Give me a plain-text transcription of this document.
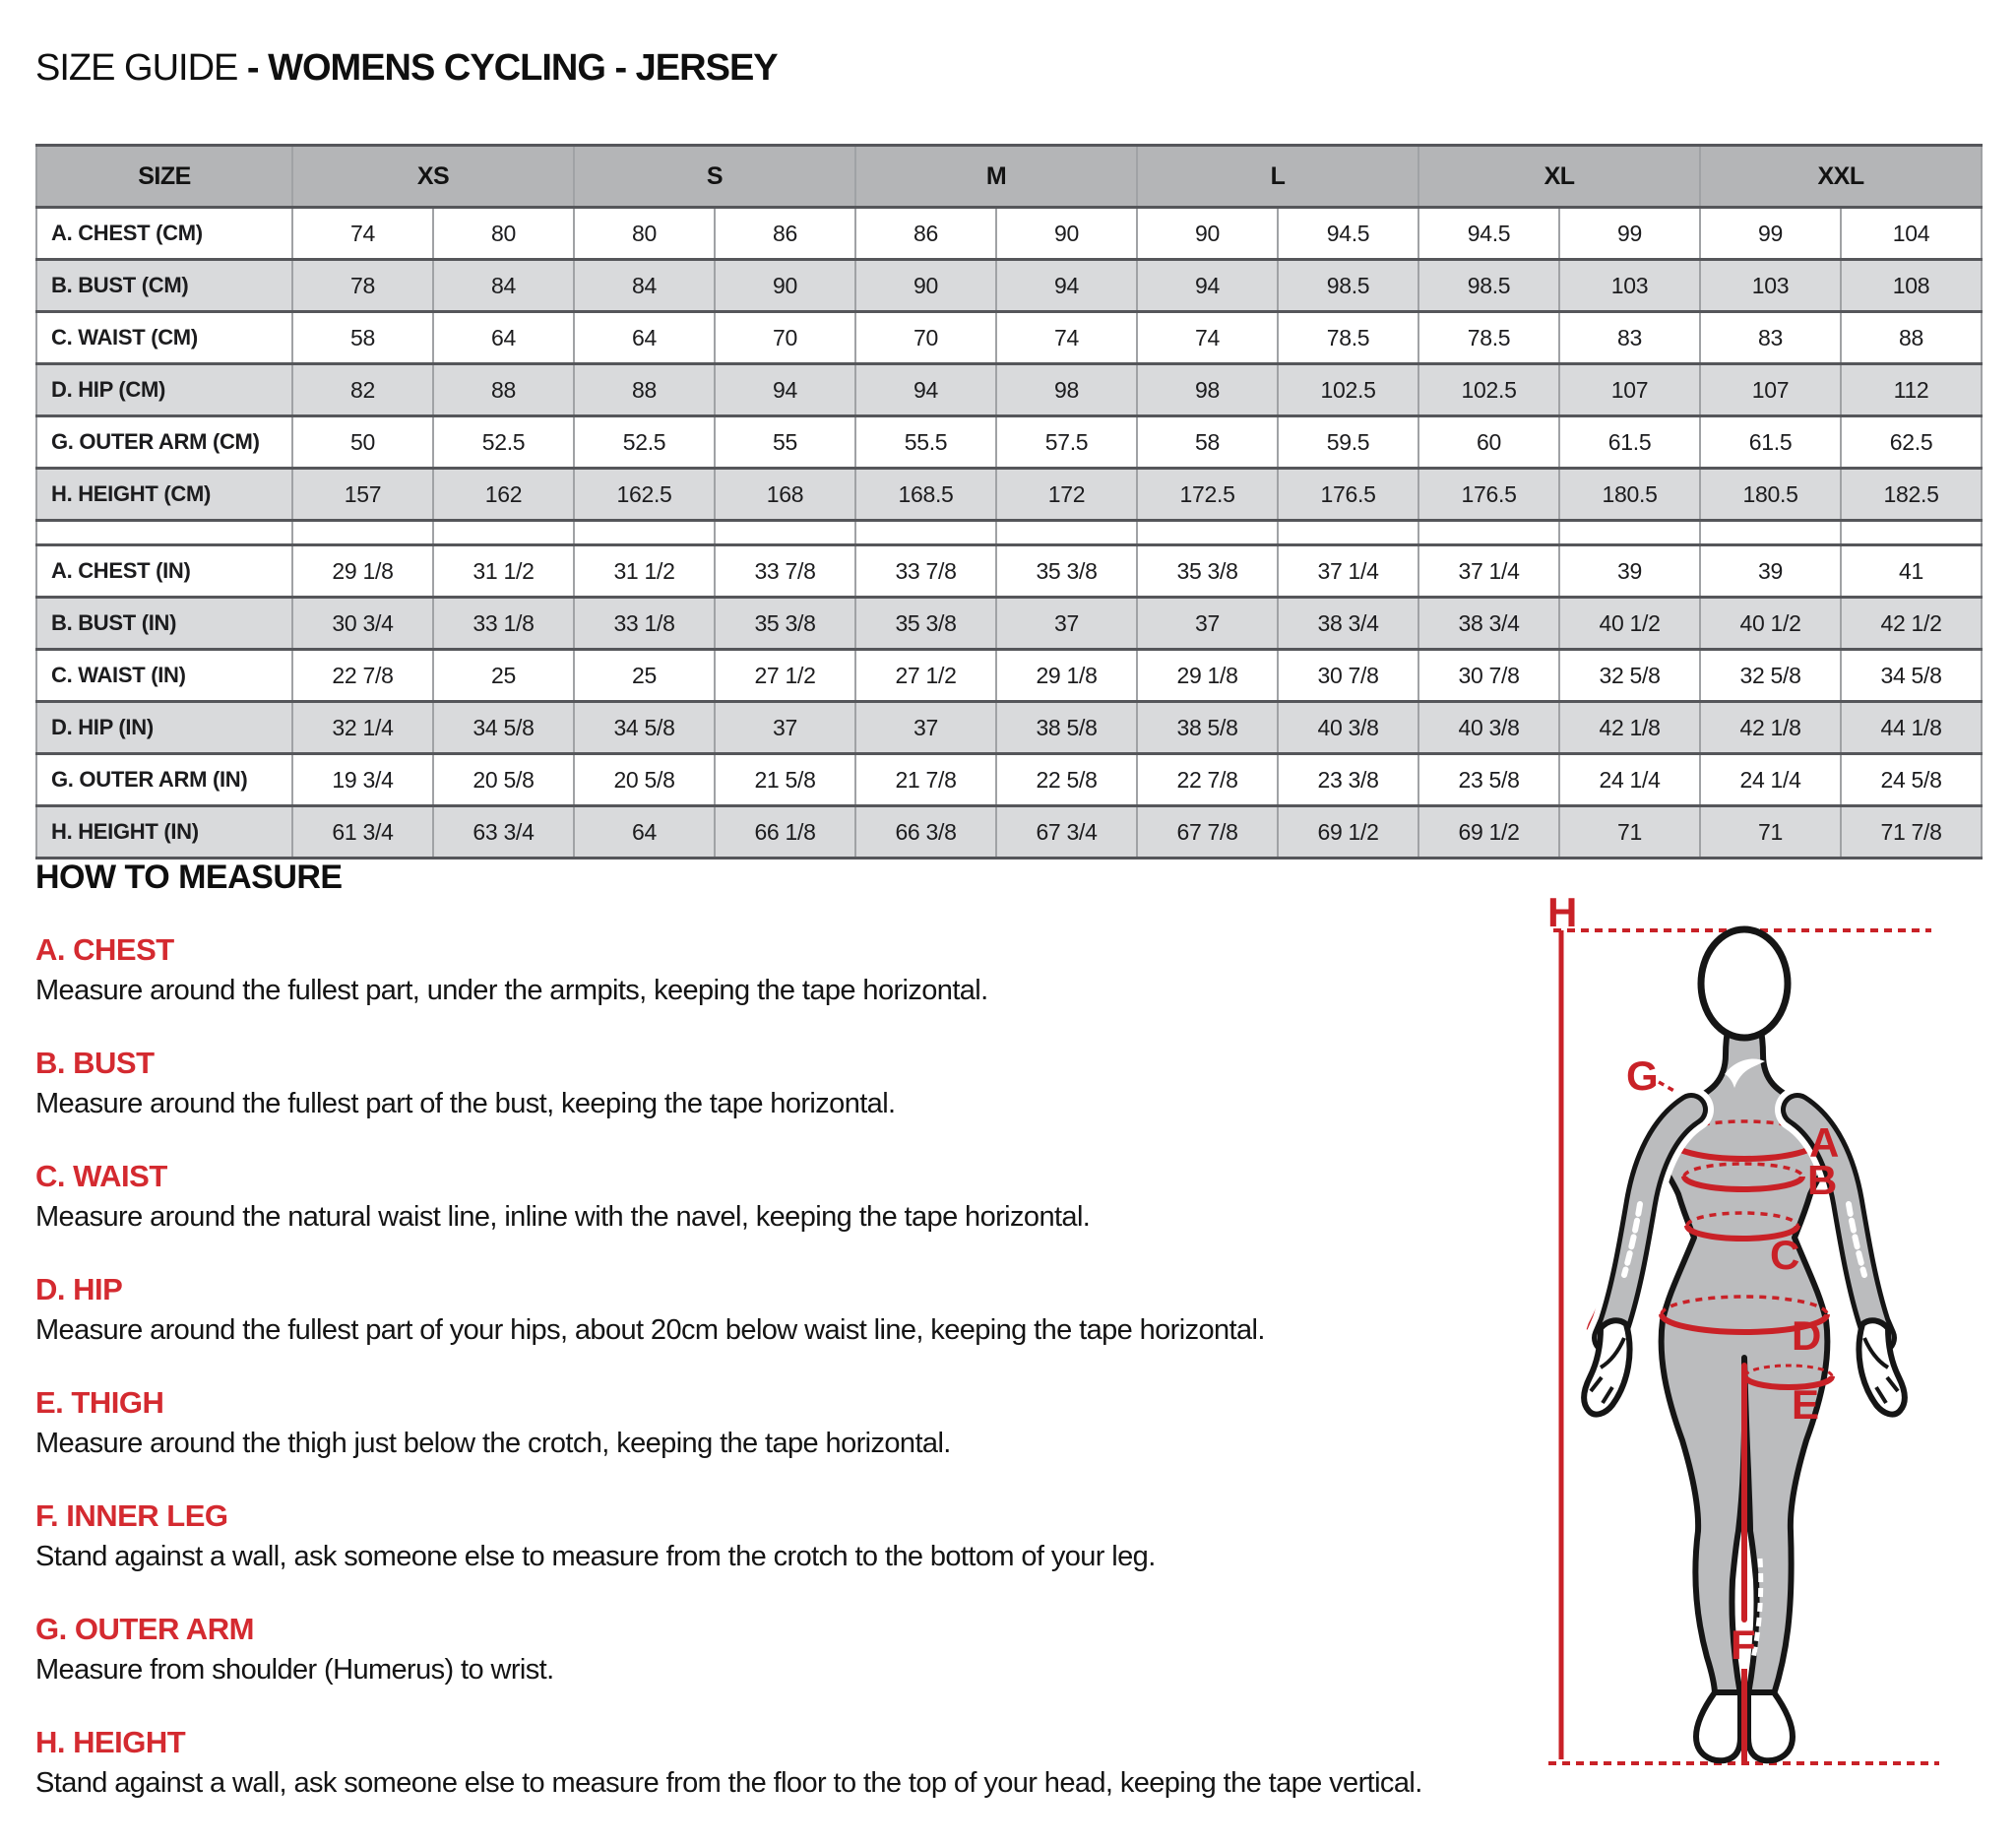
SIZE GUIDE - WOMENS CYCLING - JERSEY
SIZE	XS		S		M		L		XL		XXL	
A. CHEST (CM)	74	80	80	86	86	90	90	94.5	94.5	99	99	104
B. BUST (CM)	78	84	84	90	90	94	94	98.5	98.5	103	103	108
C. WAIST (CM)	58	64	64	70	70	74	74	78.5	78.5	83	83	88
D. HIP (CM)	82	88	88	94	94	98	98	102.5	102.5	107	107	112
G. OUTER ARM (CM)	50	52.5	52.5	55	55.5	57.5	58	59.5	60	61.5	61.5	62.5
H. HEIGHT (CM)	157	162	162.5	168	168.5	172	172.5	176.5	176.5	180.5	180.5	182.5

A. CHEST (IN)	29 1/8	31 1/2	31 1/2	33 7/8	33 7/8	35 3/8	35 3/8	37 1/4	37 1/4	39	39	41
B. BUST (IN)	30 3/4	33 1/8	33 1/8	35 3/8	35 3/8	37	37	38 3/4	38 3/4	40 1/2	40 1/2	42 1/2
C. WAIST (IN)	22 7/8	25	25	27 1/2	27 1/2	29 1/8	29 1/8	30 7/8	30 7/8	32 5/8	32 5/8	34 5/8
D. HIP (IN)	32 1/4	34 5/8	34 5/8	37	37	38 5/8	38 5/8	40 3/8	40 3/8	42 1/8	42 1/8	44 1/8
G. OUTER ARM (IN)	19 3/4	20 5/8	20 5/8	21 5/8	21 7/8	22 5/8	22 7/8	23 3/8	23 5/8	24 1/4	24 1/4	24 5/8
H. HEIGHT (IN)	61 3/4	63 3/4	64	66 1/8	66 3/8	67 3/4	67 7/8	69 1/2	69 1/2	71	71	71 7/8
HOW TO MEASURE
A. CHEST

Measure around the fullest part, under the armpits, keeping the tape horizontal.

B. BUST

Measure around the fullest part of the bust, keeping the tape horizontal.

C. WAIST

Measure around the natural waist line, inline with the navel, keeping the tape horizontal.

D. HIP

Measure around the fullest part of your hips, about 20cm below waist line, keeping the tape horizontal.

E. THIGH

Measure around the thigh just below the crotch, keeping the tape horizontal.

F. INNER LEG

Stand against a wall, ask someone else to measure from the crotch to the bottom of your leg.

G. OUTER ARM

Measure from shoulder (Humerus) to wrist.

H. HEIGHT

Stand against a wall, ask someone else to measure from the floor to the top of your head, keeping the tape vertical.

H
G
A
B
C
D
E
F
